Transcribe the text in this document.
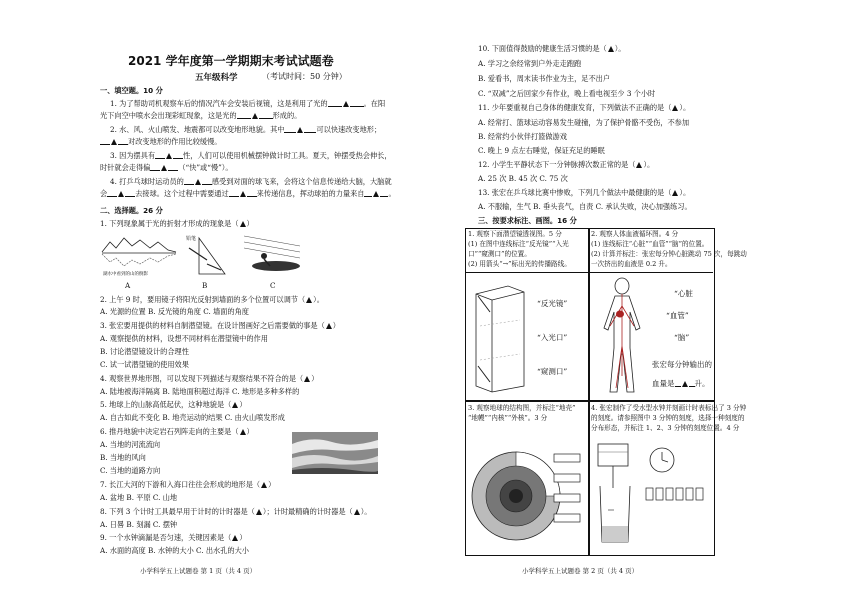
2021 学年度第一学期期末考试试题卷
五年级科学	（考试时间：50 分钟）
一、填空题。10 分
1. 为了帮助司机观察车后的情况汽车会安装后视镜，这是利用了光的	。在阳
光下向空中喷水会出现彩虹现象，这是光的	形成的。
2. 水、风、火山喷发、地震都可以改变地形地貌。其中	可以快速改变地形；
对改变地形的作用比较缓慢。
3. 因为摆具有	性，人们可以使用机械摆钟做计时工具。夏天，钟摆受热会伸长，
时针就会走得偏	（“快”或“慢”）。
4. 打乒乓球时运动员的	感受到对面的球飞来，会将这个信息传递给大脑，大脑就
会	去接球。这个过程中需要通过	来传递信息，挥动球拍的力量来自	。
二、选择题。26 分
1. 下列现象属于光的折射才形成的现象是（ ）
湖水中看到的山的倒影
铅笔
A	B	C
2. 上午 9 时，要用镜子将阳光反射到墙面的多个位置可以调节（ ）。
A. 光源的位置 B. 反光镜的角度 C. 墙面的角度
3. 张宏要用提供的材料自制潜望镜。在设计图画好之后需要做的事是（ ）
A. 观察提供的材料，设想不同材料在潜望镜中的作用
B. 讨论潜望镜设计的合理性
C. 试一试潜望镜的使用效果
4. 观察世界地形图，可以发现下列描述与观察结果不符合的是（ ）
A. 陆地被海洋隔离 B. 陆地面积超过海洋 C. 地形是多种多样的
5. 地球上的山脉高低起伏，这种地貌是（ ）
A. 自古如此不变化 B. 地壳运动的结果 C. 由火山喷发形成
6. 推丹地貌中决定岩石列阵走向的主要是（ ）
A. 当地的河流流向
B. 当地的风向
C. 当地的道路方向
7. 长江大河的下游和入海口往往会形成的地形是（ ）
A. 盆地 B. 平原 C. 山地
8. 下列 3 个计时工具最早用于计时的计时器是（ ）；计时最精确的计时器是（ ）。
A. 日晷 B. 刻漏 C. 摆钟
9. 一个水钟滴漏是否匀速，关键因素是（ ）
A. 水面的高度 B. 水钟的大小 C. 出水孔的大小
小学科学五上试题卷 第 1 页（共 4 页）
10. 下面值得鼓励的健康生活习惯的是（ ）。
A. 学习之余经常到户外走走跑跑
B. 爱看书，周末读书作业为主，足不出户
C. “双减”之后回家少有作业，晚上看电视至少 3 个小时
11. 少年要重视自己身体的健康发育，下列做法不正确的是（ ）。
A. 经常打、篮球运动容易发生碰撞，为了保护骨骼不受伤，不参加
B. 经常约小伙伴打篮做游戏
C. 晚上 9 点左右睡觉，保证充足的睡眠
12. 小学生平静状态下一分钟脉搏次数正常的是（ ）。
A. 25 次 B. 45 次 C. 75 次
13. 张宏在乒乓球比赛中惨败，下列几个做法中最健康的是（ ）。
A. 不服输，生气 B. 垂头丧气，自责 C. 承认失败，决心加强练习。
三、按要求标注、画图。16 分
1. 观察下面潜望镜透视图。5 分
(1) 在图中连线标注“反光镜”“入光
口”“窥测口”的位置。
(2) 用箭头“→”标出光的传播路线。
“反光镜”
“入光口”
“窥测口”
2. 观察人体血液循环图。4 分
(1) 连线标注“心脏”“血管”“脑”的位置。
(2) 计算并标注：张宏每分钟心脏跳动 75 次，每跳动
一次挤出的血液是 0.2 升。
“心脏
“血管”
“脑”
张宏每分钟输出的
血量是	升。
3. 观察地球的结构图，并标注“地壳”
“地幔”“内核”“外核”。3 分
4. 张宏制作了受水型水钟并刻画计时表标出了 3 分钟
的刻度。请参照图中 3 分钟的刻度，选择一种刻度的
分布形态，并标注 1、2、3 分钟的刻度位置。4 分
小学科学五上试题卷 第 2 页（共 4 页）
